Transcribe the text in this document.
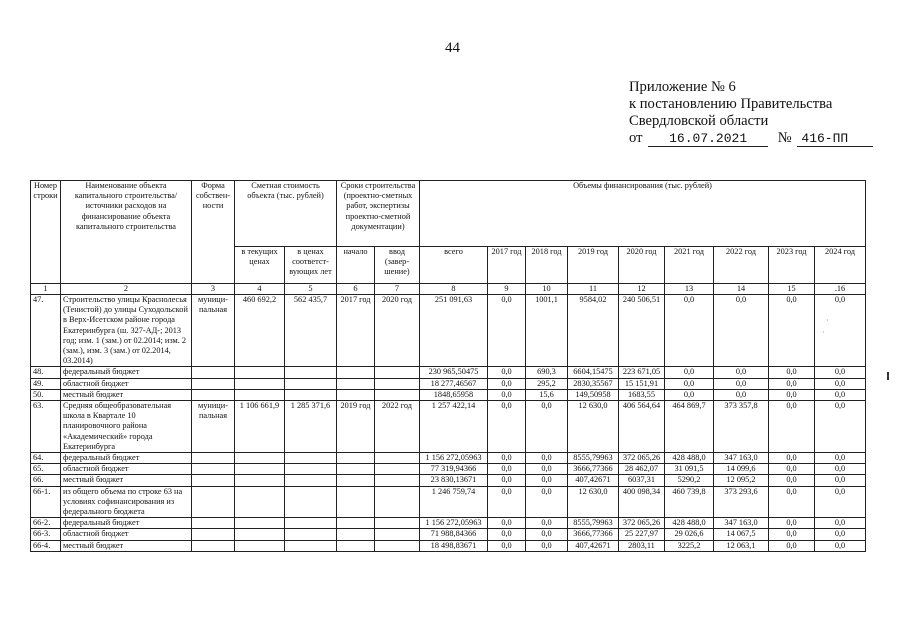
44
Приложение № 6
к постановлению Правительства
Свердловской области
от 16.07.2021 № 416-ПП
Номер строки	Наименование объекта капитального строительства/ источники расходов на финансирование объекта капитального строительства	Форма собствен-ности	Сметная стоимость объекта (тыс. рублей)		Сроки строительства (проектно-сметных работ, экспертизы проектно-сметной документации)		Объемы финансирования (тыс. рублей)								
			в текущих ценах	в ценах соответст-вующих лет	начало	ввод (завер-шение)	всего	2017 год	2018 год	2019 год	2020 год	2021 год	2022 год	2023 год	2024 год
1	2	3	4	5	6	7	8	9	10	11	12	13	14	15	.16
47.	Строительство улицы Краснолесья (Тенистой) до улицы Суходольской в Верх-Исетском районе города Екатеринбурга (ш. 327-АД-; 2013 год; изм. 1 (зам.) от 02.2014; изм. 2 (зам.), изм. 3 (зам.) от 02.2014, 03.2014)	муници-пальная	460 692,2	562 435,7	2017 год	2020 год	251 091,63	0,0	1001,1	9584,02	240 506,51	0,0	0,0	0,0	0,0
48.	федеральный бюджет						230 965,50475	0,0	690,3	6604,15475	223 671,05	0,0	0,0	0,0	0,0
49.	областной бюджет						18 277,46567	0,0	295,2	2830,35567	15 151,91	0,0	0,0	0,0	0,0
50.	местный бюджет						1848,65958	0,0	15,6	149,50958	1683,55	0,0	0,0	0,0	0,0
63.	Средняя общеобразовательная школа в Квартале 10 планировочного района «Академический» города Екатеринбурга	муници-пальная	1 106 661,9	1 285 371,6	2019 год	2022 год	1 257 422,14	0,0	0,0	12 630,0	406 564,64	464 869,7	373 357,8	0,0	0,0
64.	федеральный бюджет						1 156 272,05963	0,0	0,0	8555,79963	372 065,26	428 488,0	347 163,0	0,0	0,0
65.	областной бюджет						77 319,94366	0,0	0,0	3666,77366	28 462,07	31 091,5	14 099,6	0,0	0,0
66.	местный бюджет						23 830,13671	0,0	0,0	407,42671	6037,31	5290,2	12 095,2	0,0	0,0
66-1.	из общего объема по строке 63 на условиях софинансирования из федерального бюджета						1 246 759,74	0,0	0,0	12 630,0	400 098,34	460 739,8	373 293,6	0,0	0,0
66-2.	федеральный бюджет						1 156 272,05963	0,0	0,0	8555,79963	372 065,26	428 488,0	347 163,0	0,0	0,0
66-3.	областной бюджет						71 988,84366	0,0	0,0	3666,77366	25 227,97	29 026,6	14 067,5	0,0	0,0
66-4.	местный бюджет						18 498,83671	0,0	0,0	407,42671	2803,11	3225,2	12 063,1	0,0	0,0
·
·
